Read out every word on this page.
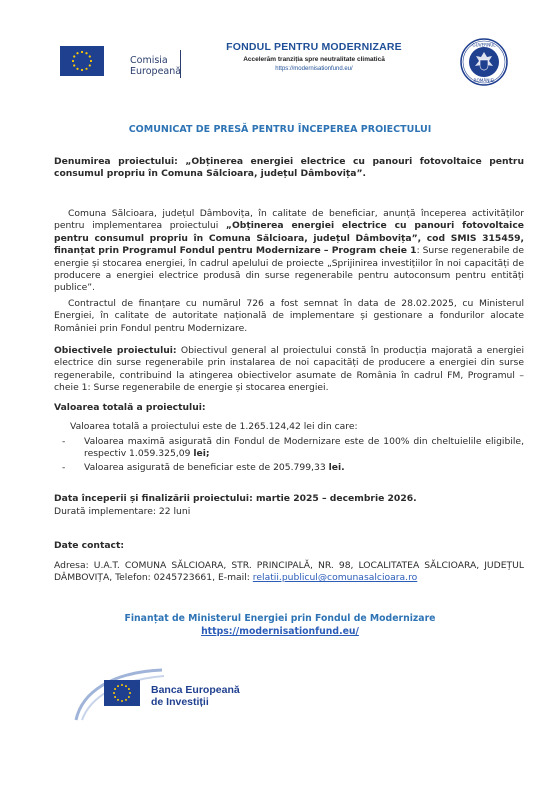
Comisia
Europeană
FONDUL PENTRU MODERNIZARE
Accelerăm tranziția spre neutralitate climatică
https://modernisationfund.eu/
GUVERNUL
ROMÂNIEI
COMUNICAT DE PRESĂ PENTRU ÎNCEPEREA PROIECTULUI
Denumirea proiectului: „Obținerea energiei electrice cu panouri fotovoltaice pentru consumul propriu în Comuna Sălcioara, județul Dâmbovița”.
Comuna Sălcioara, județul Dâmbovița, în calitate de beneficiar, anunță începerea activităților pentru implementarea proiectului „Obținerea energiei electrice cu panouri fotovoltaice pentru consumul propriu în Comuna Sălcioara, județul Dâmbovița”, cod SMIS 315459, finanțat prin Programul Fondul pentru Modernizare – Program cheie 1: Surse regenerabile de energie și stocarea energiei, în cadrul apelului de proiecte „Sprijinirea investițiilor în noi capacități de producere a energiei electrice produsă din surse regenerabile pentru autoconsum pentru entități publice”.
Contractul de finanțare cu numărul 726 a fost semnat în data de 28.02.2025, cu Ministerul Energiei, în calitate de autoritate națională de implementare și gestionare a fondurilor alocate României prin Fondul pentru Modernizare.
Obiectivele proiectului: Obiectivul general al proiectului constă în producția majorată a energiei electrice din surse regenerabile prin instalarea de noi capacități de producere a energiei din surse regenerabile, contribuind la atingerea obiectivelor asumate de România în cadrul FM, Programul – cheie 1: Surse regenerabile de energie și stocarea energiei.
Valoarea totală a proiectului:
Valoarea totală a proiectului este de 1.265.124,42 lei din care:
- Valoarea maximă asigurată din Fondul de Modernizare este de 100% din cheltuielile eligibile, respectiv 1.059.325,09 lei;
- Valoarea asigurată de beneficiar este de 205.799,33 lei.
Data începerii și finalizării proiectului: martie 2025 – decembrie 2026.
Durată implementare: 22 luni
Date contact:
Adresa: U.A.T. COMUNA SĂLCIOARA, STR. PRINCIPALĂ, NR. 98, LOCALITATEA SĂLCIOARA, JUDEȚUL DÂMBOVIȚA, Telefon: 0245723661, E-mail: relatii.publicul@comunasalcioara.ro
Finanțat de Ministerul Energiei prin Fondul de Modernizare
https://modernisationfund.eu/
Banca Europeană
de Investiții
